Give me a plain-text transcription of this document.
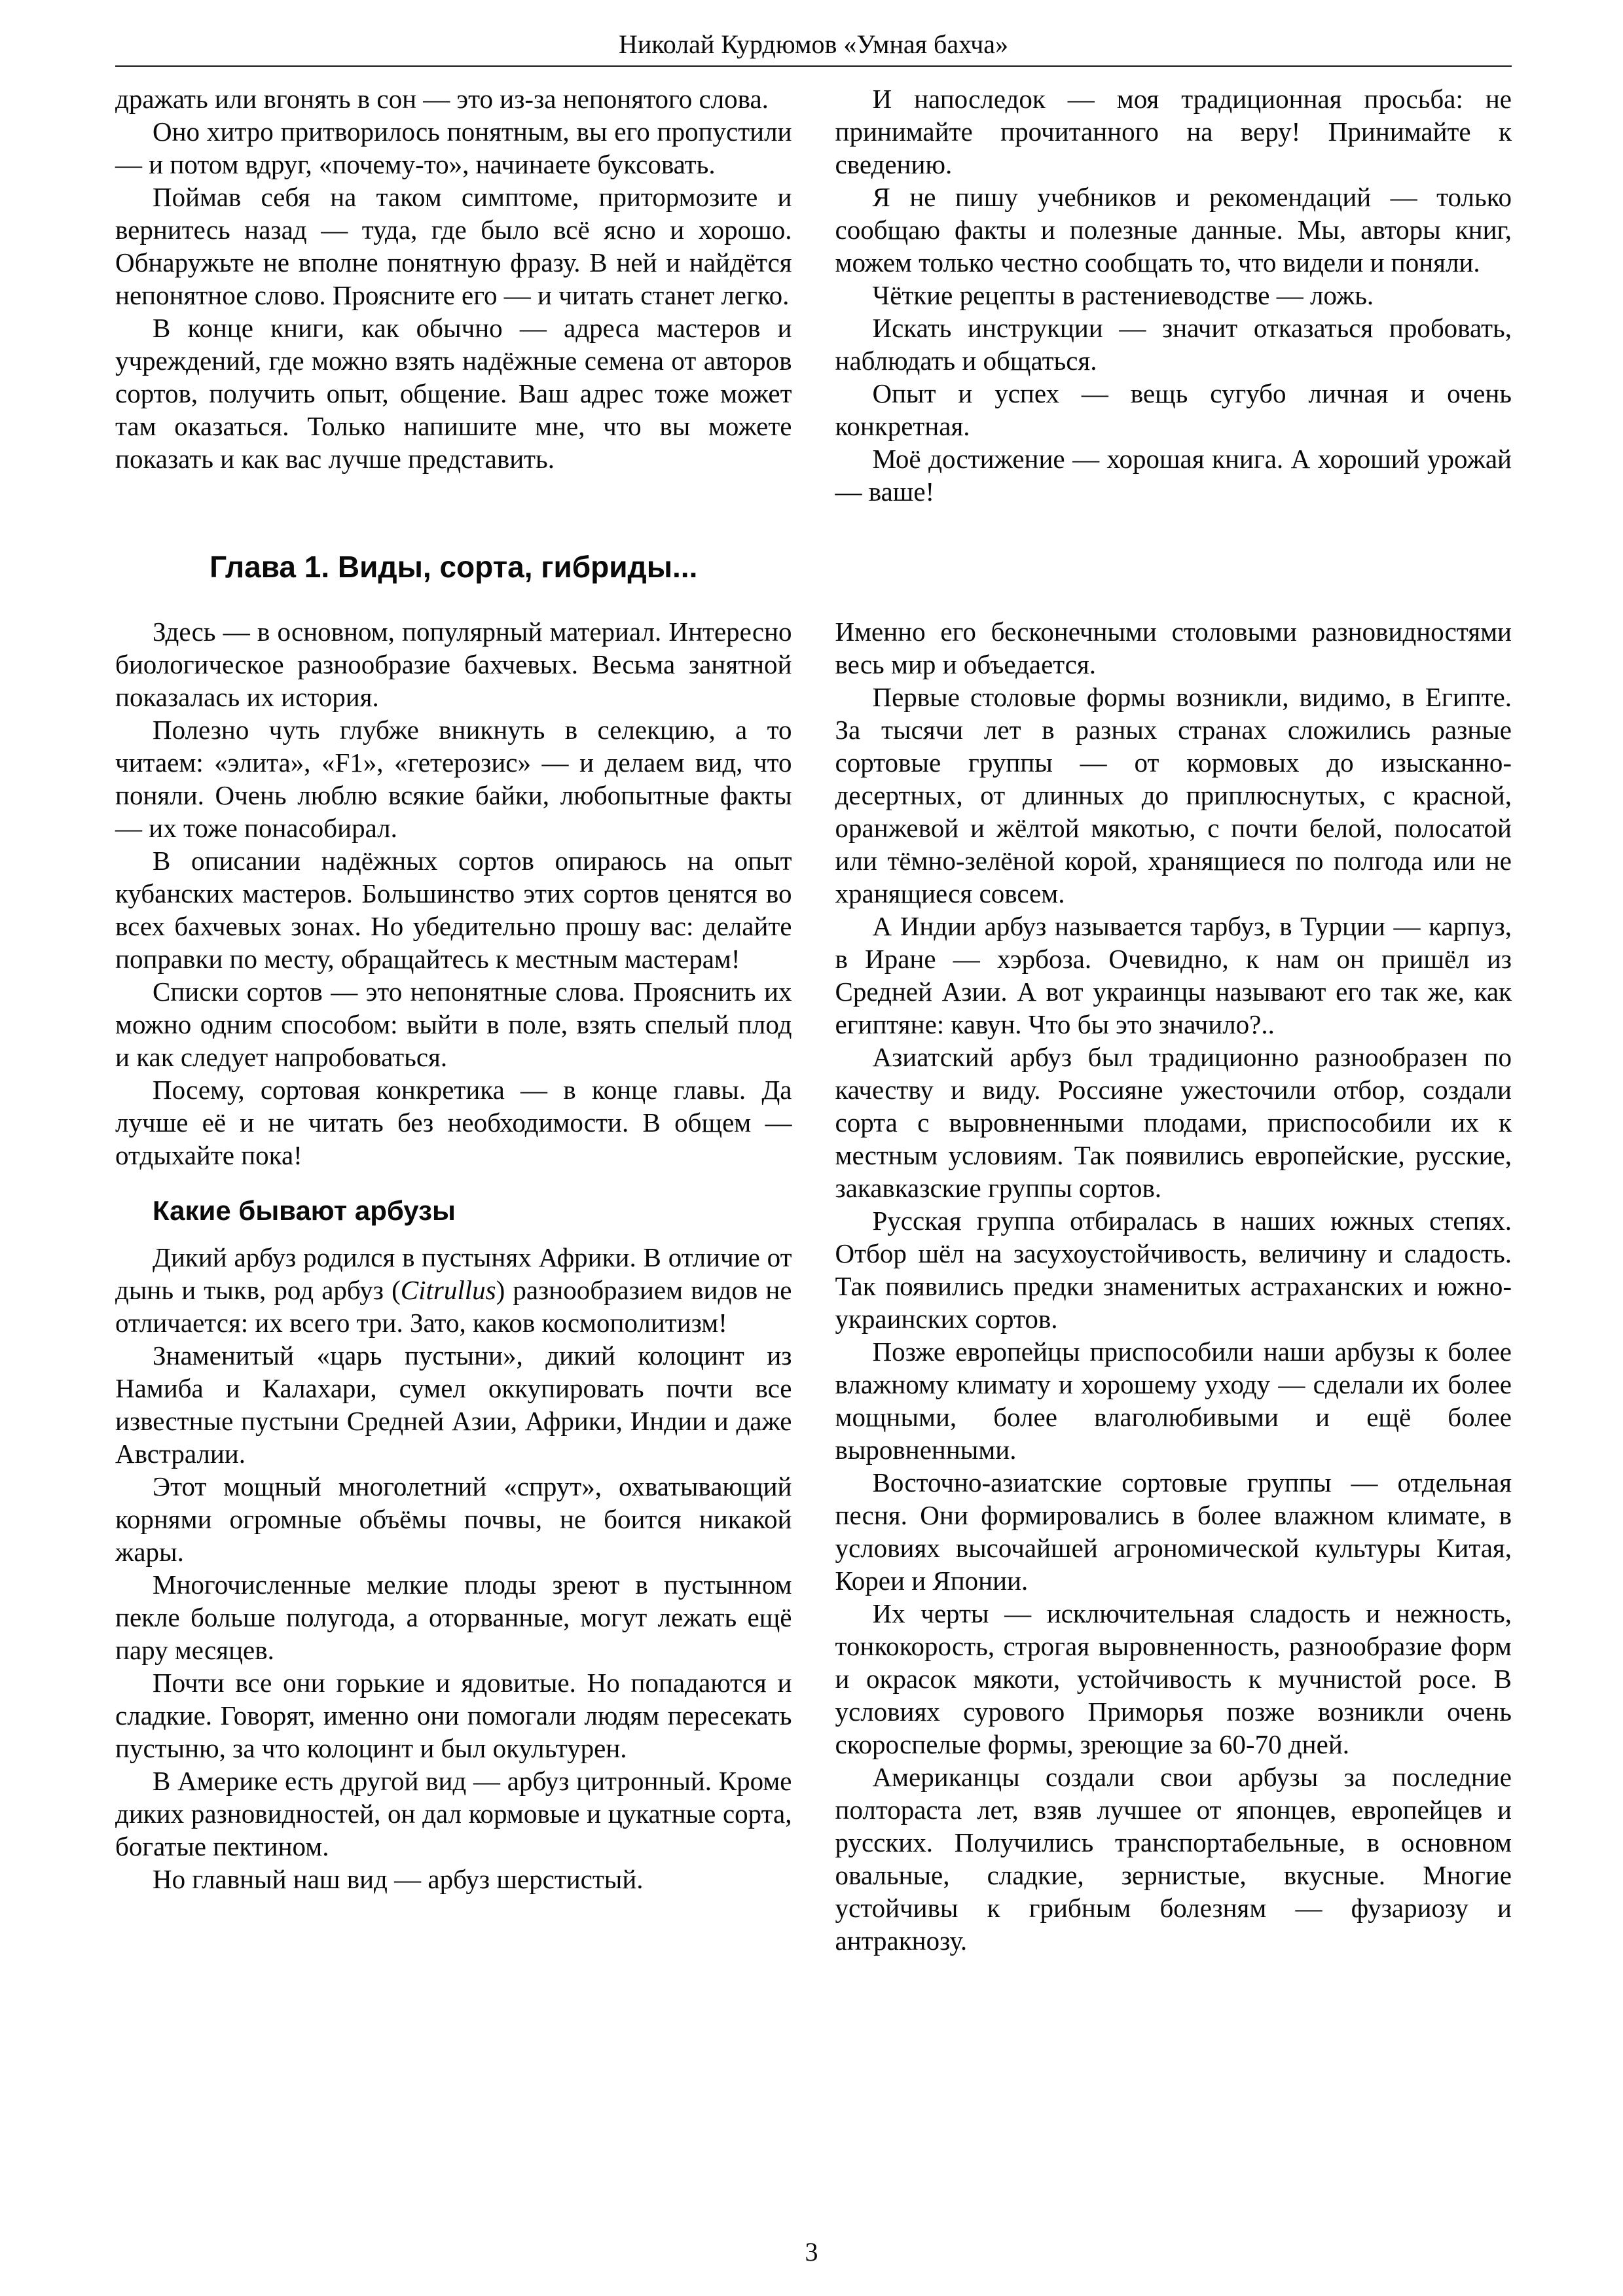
Николай Курдюмов «Умная бахча»

дражать или вгонять в сон — это из-за непонятого слова.

Оно хитро притворилось понятным, вы его пропустили — и потом вдруг, «почему-то», начинаете буксовать.

Поймав себя на таком симптоме, притормозите и вернитесь назад — туда, где было всё ясно и хорошо. Обнаружьте не вполне понятную фразу. В ней и найдётся непонятное слово. Проясните его — и читать станет легко.

В конце книги, как обычно — адреса мастеров и учреждений, где можно взять надёжные семена от авторов сортов, получить опыт, общение. Ваш адрес тоже может там оказаться. Только напишите мне, что вы можете показать и как вас лучше представить.

И напоследок — моя традиционная просьба: не принимайте прочитанного на веру! Принимайте к сведению.

Я не пишу учебников и рекомендаций — только сообщаю факты и полезные данные. Мы, авторы книг, можем только честно сообщать то, что видели и поняли.

Чёткие рецепты в растениеводстве — ложь.

Искать инструкции — значит отказаться пробовать, наблюдать и общаться.

Опыт и успех — вещь сугубо личная и очень конкретная.

Моё достижение — хорошая книга. А хороший урожай — ваше!

Глава 1. Виды, сорта, гибриды...

Здесь — в основном, популярный материал. Интересно биологическое разнообразие бахчевых. Весьма занятной показалась их история.

Полезно чуть глубже вникнуть в селекцию, а то читаем: «элита», «F1», «гетерозис» — и делаем вид, что поняли. Очень люблю всякие байки, любопытные факты — их тоже понасобирал.

В описании надёжных сортов опираюсь на опыт кубанских мастеров. Большинство этих сортов ценятся во всех бахчевых зонах. Но убедительно прошу вас: делайте поправки по месту, обращайтесь к местным мастерам!

Списки сортов — это непонятные слова. Прояснить их можно одним способом: выйти в поле, взять спелый плод и как следует напробоваться.

Посему, сортовая конкретика — в конце главы. Да лучше её и не читать без необходимости. В общем — отдыхайте пока!

Какие бывают арбузы

Дикий арбуз родился в пустынях Африки. В отличие от дынь и тыкв, род арбуз (Citrullus) разнообразием видов не отличается: их всего три. Зато, каков космополитизм!

Знаменитый «царь пустыни», дикий колоцинт из Намиба и Калахари, сумел оккупировать почти все известные пустыни Средней Азии, Африки, Индии и даже Австралии.

Этот мощный многолетний «спрут», охватывающий корнями огромные объёмы почвы, не боится никакой жары.

Многочисленные мелкие плоды зреют в пустынном пекле больше полугода, а оторванные, могут лежать ещё пару месяцев.

Почти все они горькие и ядовитые. Но попадаются и сладкие. Говорят, именно они помогали людям пересекать пустыню, за что колоцинт и был окультурен.

В Америке есть другой вид — арбуз цитронный. Кроме диких разновидностей, он дал кормовые и цукатные сорта, богатые пектином.

Но главный наш вид — арбуз шерстистый.

Именно его бесконечными столовыми разновидностями весь мир и объедается.

Первые столовые формы возникли, видимо, в Египте. За тысячи лет в разных странах сложились разные сортовые группы — от кормовых до изысканно-десертных, от длинных до приплюснутых, с красной, оранжевой и жёлтой мякотью, с почти белой, полосатой или тёмно-зелёной корой, хранящиеся по полгода или не хранящиеся совсем.

А Индии арбуз называется тарбуз, в Турции — карпуз, в Иране — хэрбоза. Очевидно, к нам он пришёл из Средней Азии. А вот украинцы называют его так же, как египтяне: кавун. Что бы это значило?..

Азиатский арбуз был традиционно разнообразен по качеству и виду. Россияне ужесточили отбор, создали сорта с выровненными плодами, приспособили их к местным условиям. Так появились европейские, русские, закавказские группы сортов.

Русская группа отбиралась в наших южных степях. Отбор шёл на засухоустойчивость, величину и сладость. Так появились предки знаменитых астраханских и южно-украинских сортов.

Позже европейцы приспособили наши арбузы к более влажному климату и хорошему уходу — сделали их более мощными, более влаголюбивыми и ещё более выровненными.

Восточно-азиатские сортовые группы — отдельная песня. Они формировались в более влажном климате, в условиях высочайшей агрономической культуры Китая, Кореи и Японии.

Их черты — исключительная сладость и нежность, тонкокорость, строгая выровненность, разнообразие форм и окрасок мякоти, устойчивость к мучнистой росе. В условиях сурового Приморья позже возникли очень скороспелые формы, зреющие за 60-70 дней.

Американцы создали свои арбузы за последние полтораста лет, взяв лучшее от японцев, европейцев и русских. Получились транспортабельные, в основном овальные, сладкие, зернистые, вкусные. Многие устойчивы к грибным болезням — фузариозу и антракнозу.

3
